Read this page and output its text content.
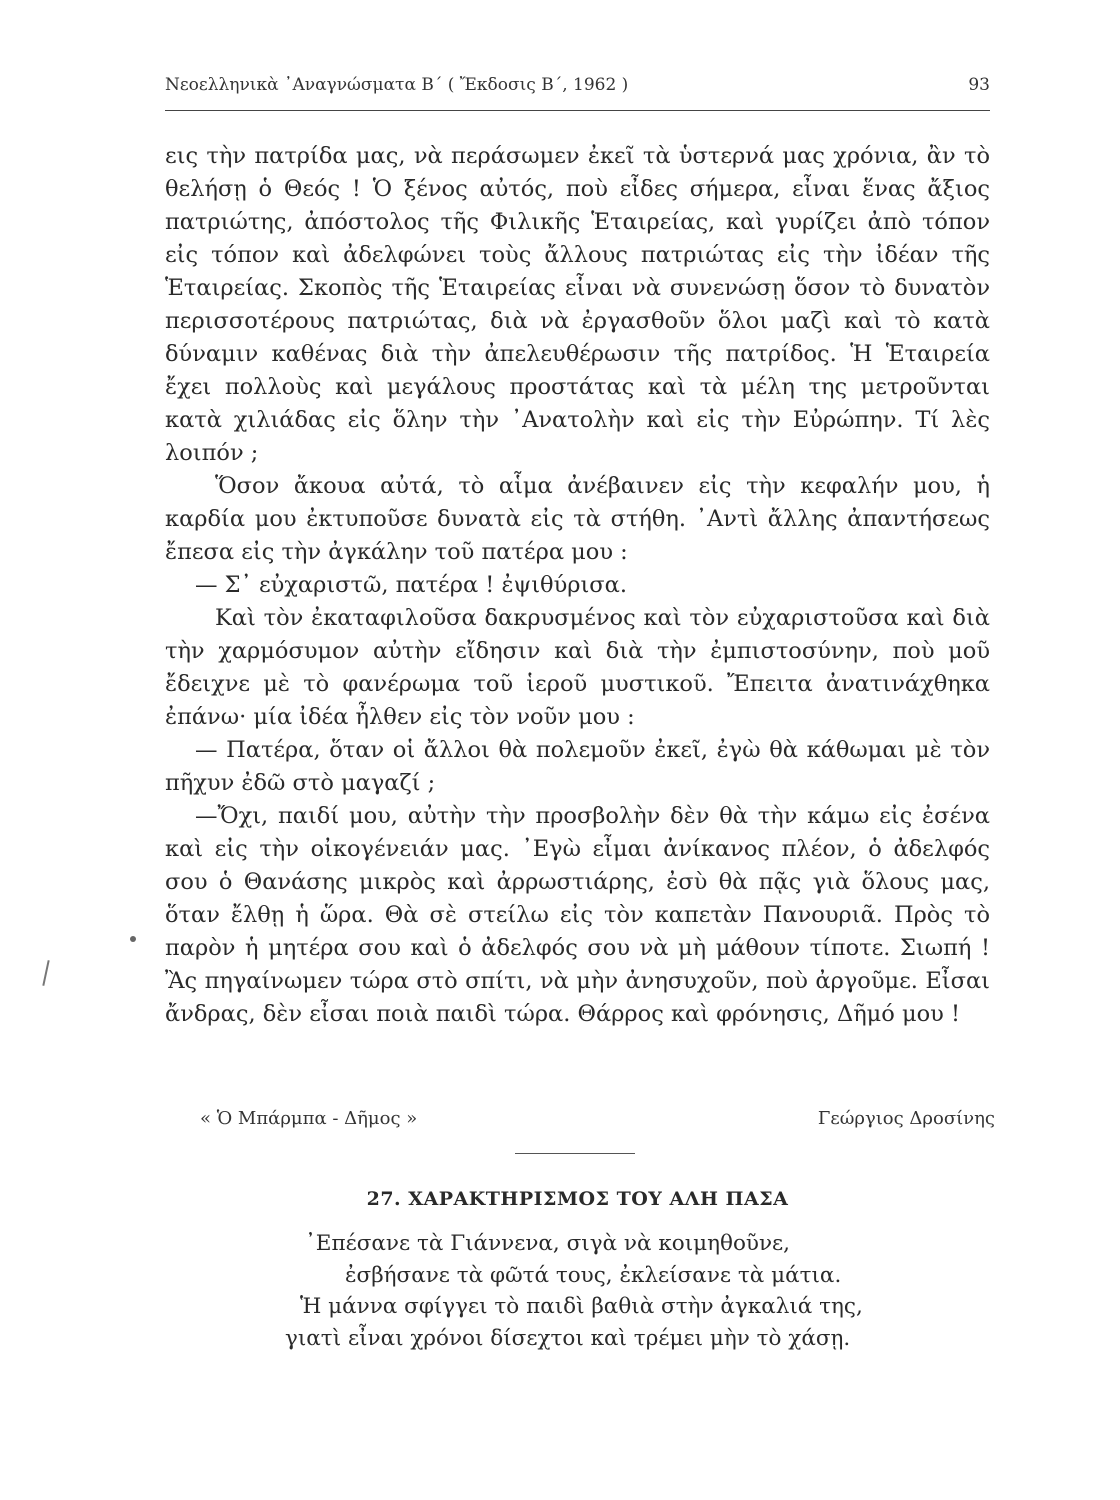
Νεοελληνικὰ ᾽Αναγνώσματα Β΄ ( Ἔκδοσις Β΄, 1962 )	93

εις τὴν πατρίδα μας, νὰ περάσωμεν ἐκεῖ τὰ ὑστερνά μας χρόνια, ἂν τὸ θελήσῃ ὁ Θεός ! Ὁ ξένος αὐτός, ποὺ εἶδες σήμερα, εἶναι ἕνας ἄξιος πατριώτης, ἀπόστολος τῆς Φιλικῆς Ἑταιρείας, καὶ γυρίζει ἀπὸ τόπον εἰς τόπον καὶ ἀδελφώνει τοὺς ἄλλους πατριώτας εἰς τὴν ἰδέαν τῆς Ἑταιρείας. Σκοπὸς τῆς Ἑταιρείας εἶναι νὰ συνενώσῃ ὅσον τὸ δυνατὸν περισσοτέρους πατριώτας, διὰ νὰ ἐργασθοῦν ὅλοι μαζὶ καὶ τὸ κατὰ δύναμιν καθένας διὰ τὴν ἀπελευθέρωσιν τῆς πατρίδος. Ἡ Ἑταιρεία ἔχει πολλοὺς καὶ μεγάλους προστάτας καὶ τὰ μέλη της μετροῦνται κατὰ χιλιάδας εἰς ὅλην τὴν ᾽Ανατολὴν καὶ εἰς τὴν Εὐρώπην. Τί λὲς λοιπόν ;

Ὅσον ἄκουα αὐτά, τὸ αἷμα ἀνέβαινεν εἰς τὴν κεφαλήν μου, ἡ καρδία μου ἐκτυποῦσε δυνατὰ εἰς τὰ στήθη. ᾽Αντὶ ἄλλης ἀπαντήσεως ἔπεσα εἰς τὴν ἀγκάλην τοῦ πατέρα μου :

— Σ᾽ εὐχαριστῶ, πατέρα ! ἐψιθύρισα.

Καὶ τὸν ἐκαταφιλοῦσα δακρυσμένος καὶ τὸν εὐχαριστοῦσα καὶ διὰ τὴν χαρμόσυμον αὐτὴν εἴδησιν καὶ διὰ τὴν ἐμπιστοσύνην, ποὺ μοῦ ἔδειχνε μὲ τὸ φανέρωμα τοῦ ἱεροῦ μυστικοῦ. Ἔπειτα ἀνατινάχθηκα ἐπάνω· μία ἰδέα ἦλθεν εἰς τὸν νοῦν μου :

— Πατέρα, ὅταν οἱ ἄλλοι θὰ πολεμοῦν ἐκεῖ, ἐγὼ θὰ κάθωμαι μὲ τὸν πῆχυν ἐδῶ στὸ μαγαζί ;

—Ὄχι, παιδί μου, αὐτὴν τὴν προσβολὴν δὲν θὰ τὴν κάμω εἰς ἐσένα καὶ εἰς τὴν οἰκογένειάν μας. ᾽Εγὼ εἶμαι ἀνίκανος πλέον, ὁ ἀδελφός σου ὁ Θανάσης μικρὸς καὶ ἀρρωστιάρης, ἐσὺ θὰ πᾷς γιὰ ὅλους μας, ὅταν ἔλθῃ ἡ ὥρα. Θὰ σὲ στείλω εἰς τὸν καπετὰν Πανουριᾶ. Πρὸς τὸ παρὸν ἡ μητέρα σου καὶ ὁ ἀδελφός σου νὰ μὴ μάθουν τίποτε. Σιωπή ! Ἂς πηγαίνωμεν τώρα στὸ σπίτι, νὰ μὴν ἀνησυχοῦν, ποὺ ἀργοῦμε. Εἶσαι ἄνδρας, δὲν εἶσαι ποιὰ παιδὶ τώρα. Θάρρος καὶ φρόνησις, Δῆμό μου !

« Ὁ Μπάρμπα - Δῆμος »	Γεώργιος Δροσίνης
27. ΧΑΡΑΚΤΗΡΙΣΜΟΣ ΤΟΥ ΑΛΗ ΠΑΣΑ
᾽Επέσανε τὰ Γιάννενα, σιγὰ νὰ κοιμηθοῦνε,
ἐσβήσανε τὰ φῶτά τους, ἐκλείσανε τὰ μάτια.
Ἡ μάννα σφίγγει τὸ παιδὶ βαθιὰ στὴν ἀγκαλιά της,
γιατὶ εἶναι χρόνοι δίσεχτοι καὶ τρέμει μὴν τὸ χάσῃ.
